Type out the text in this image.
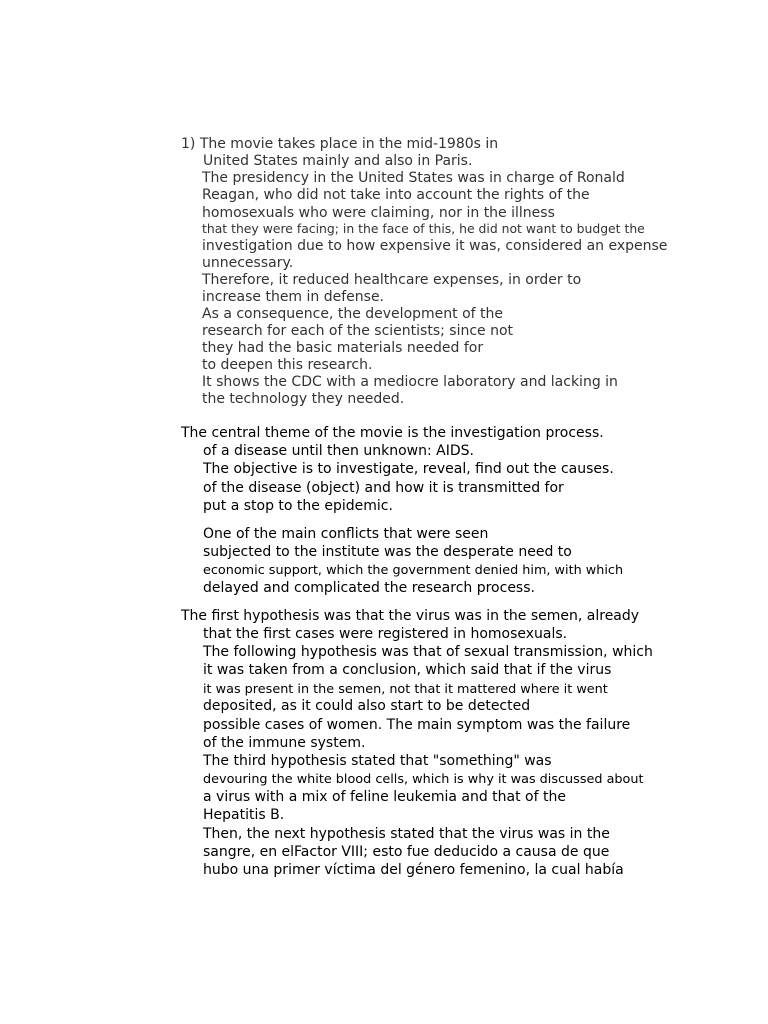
1) The movie takes place in the mid-1980s in
United States mainly and also in Paris.
The presidency in the United States was in charge of Ronald
Reagan, who did not take into account the rights of the
homosexuals who were claiming, nor in the illness
that they were facing; in the face of this, he did not want to budget the
investigation due to how expensive it was, considered an expense
unnecessary.
Therefore, it reduced healthcare expenses, in order to
increase them in defense.
As a consequence, the development of the
research for each of the scientists; since not
they had the basic materials needed for
to deepen this research.
It shows the CDC with a mediocre laboratory and lacking in
the technology they needed.
The central theme of the movie is the investigation process.
of a disease until then unknown: AIDS.
The objective is to investigate, reveal, find out the causes.
of the disease (object) and how it is transmitted for
put a stop to the epidemic.
One of the main conflicts that were seen
subjected to the institute was the desperate need to
economic support, which the government denied him, with which
delayed and complicated the research process.
The first hypothesis was that the virus was in the semen, already
that the first cases were registered in homosexuals.
The following hypothesis was that of sexual transmission, which
it was taken from a conclusion, which said that if the virus
it was present in the semen, not that it mattered where it went
deposited, as it could also start to be detected
possible cases of women. The main symptom was the failure
of the immune system.
The third hypothesis stated that "something" was
devouring the white blood cells, which is why it was discussed about
a virus with a mix of feline leukemia and that of the
Hepatitis B.
Then, the next hypothesis stated that the virus was in the
sangre, en elFactor VIII; esto fue deducido a causa de que
hubo una primer víctima del género femenino, la cual había
